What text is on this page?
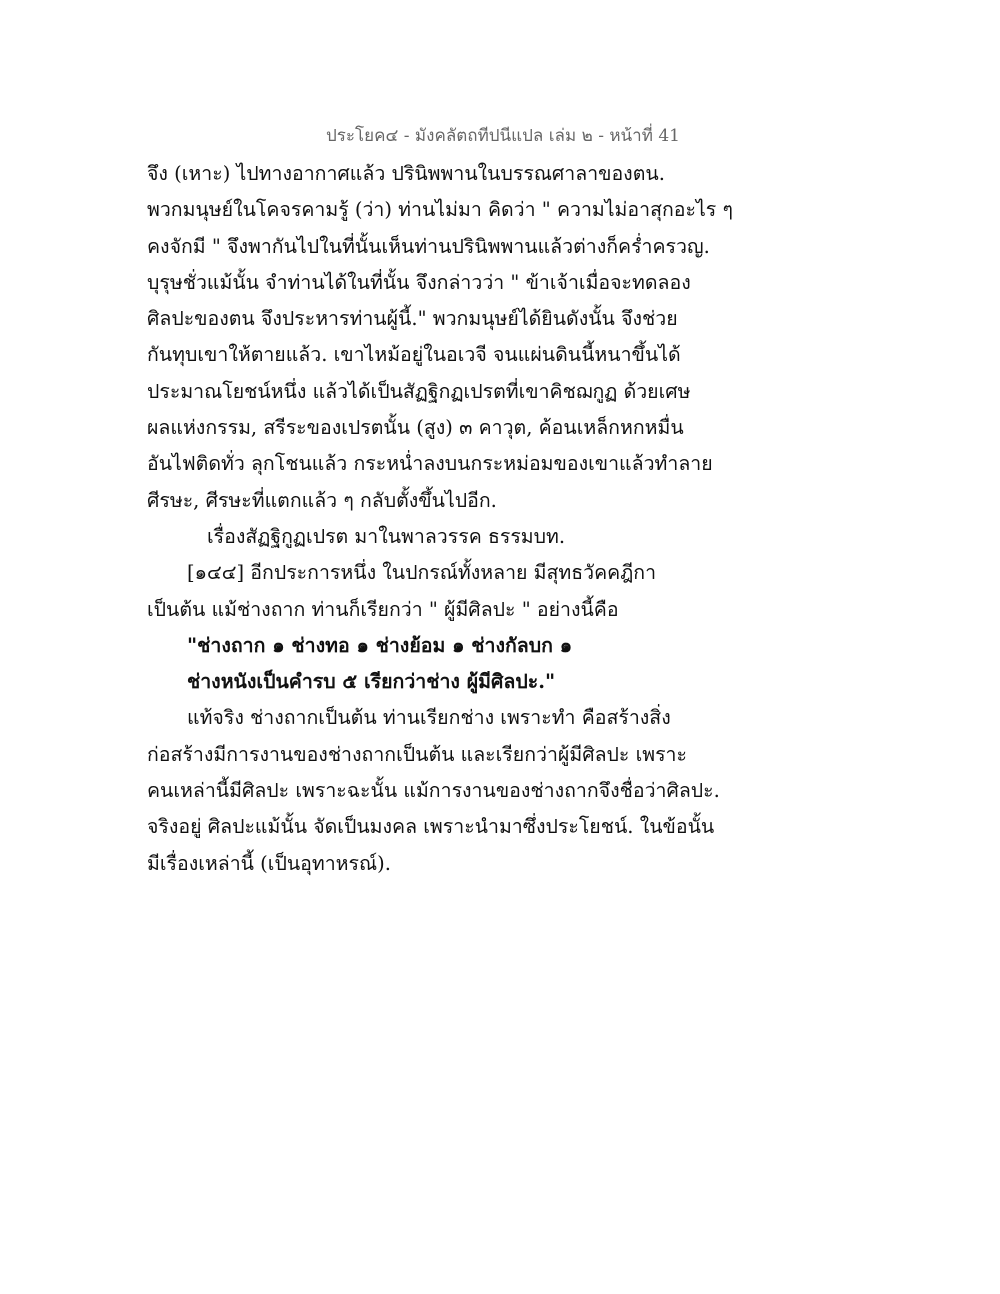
ประโยค๔ - มังคลัตถทีปนีแปล เล่ม ๒ - หน้าที่ 41
จึง (เหาะ) ไปทางอากาศแล้ว ปรินิพพานในบรรณศาลาของตน.
พวกมนุษย์ในโคจรคามรู้ (ว่า) ท่านไม่มา คิดว่า " ความไม่อาสุกอะไร ๆ
คงจักมี " จึงพากันไปในที่นั้นเห็นท่านปรินิพพานแล้วต่างก็คร่ำครวญ.
บุรุษชั่วแม้นั้น จำท่านได้ในที่นั้น จึงกล่าวว่า " ข้าเจ้าเมื่อจะทดลอง
ศิลปะของตน จึงประหารท่านผู้นี้." พวกมนุษย์ได้ยินดังนั้น จึงช่วย
กันทุบเขาให้ตายแล้ว. เขาไหม้อยู่ในอเวจี จนแผ่นดินนี้หนาขึ้นได้
ประมาณโยชน์หนึ่ง แล้วได้เป็นสัฏฐิกฏเปรตที่เขาคิชฌกูฏ ด้วยเศษ
ผลแห่งกรรม, สรีระของเปรตนั้น (สูง) ๓ คาวุต, ค้อนเหล็กหกหมื่น
อันไฟติดทั่ว ลุกโชนแล้ว กระหน่ำลงบนกระหม่อมของเขาแล้วทำลาย
ศีรษะ, ศีรษะที่แตกแล้ว ๆ กลับตั้งขึ้นไปอีก.
เรื่องสัฏฐิกูฏเปรต มาในพาลวรรค ธรรมบท.
[๑๔๔] อีกประการหนึ่ง ในปกรณ์ทั้งหลาย มีสุทธวัคคฎีกา
เป็นต้น แม้ช่างถาก ท่านก็เรียกว่า " ผู้มีศิลปะ " อย่างนี้คือ
"ช่างถาก ๑ ช่างทอ ๑ ช่างย้อม ๑ ช่างกัลบก ๑
ช่างหนังเป็นคำรบ ๕ เรียกว่าช่าง ผู้มีศิลปะ."
แท้จริง ช่างถากเป็นต้น ท่านเรียกช่าง เพราะทำ คือสร้างสิ่ง
ก่อสร้างมีการงานของช่างถากเป็นต้น และเรียกว่าผู้มีศิลปะ เพราะ
คนเหล่านี้มีศิลปะ เพราะฉะนั้น แม้การงานของช่างถากจึงชื่อว่าศิลปะ.
จริงอยู่ ศิลปะแม้นั้น จัดเป็นมงคล เพราะนำมาซึ่งประโยชน์. ในข้อนั้น
มีเรื่องเหล่านี้ (เป็นอุทาหรณ์).
